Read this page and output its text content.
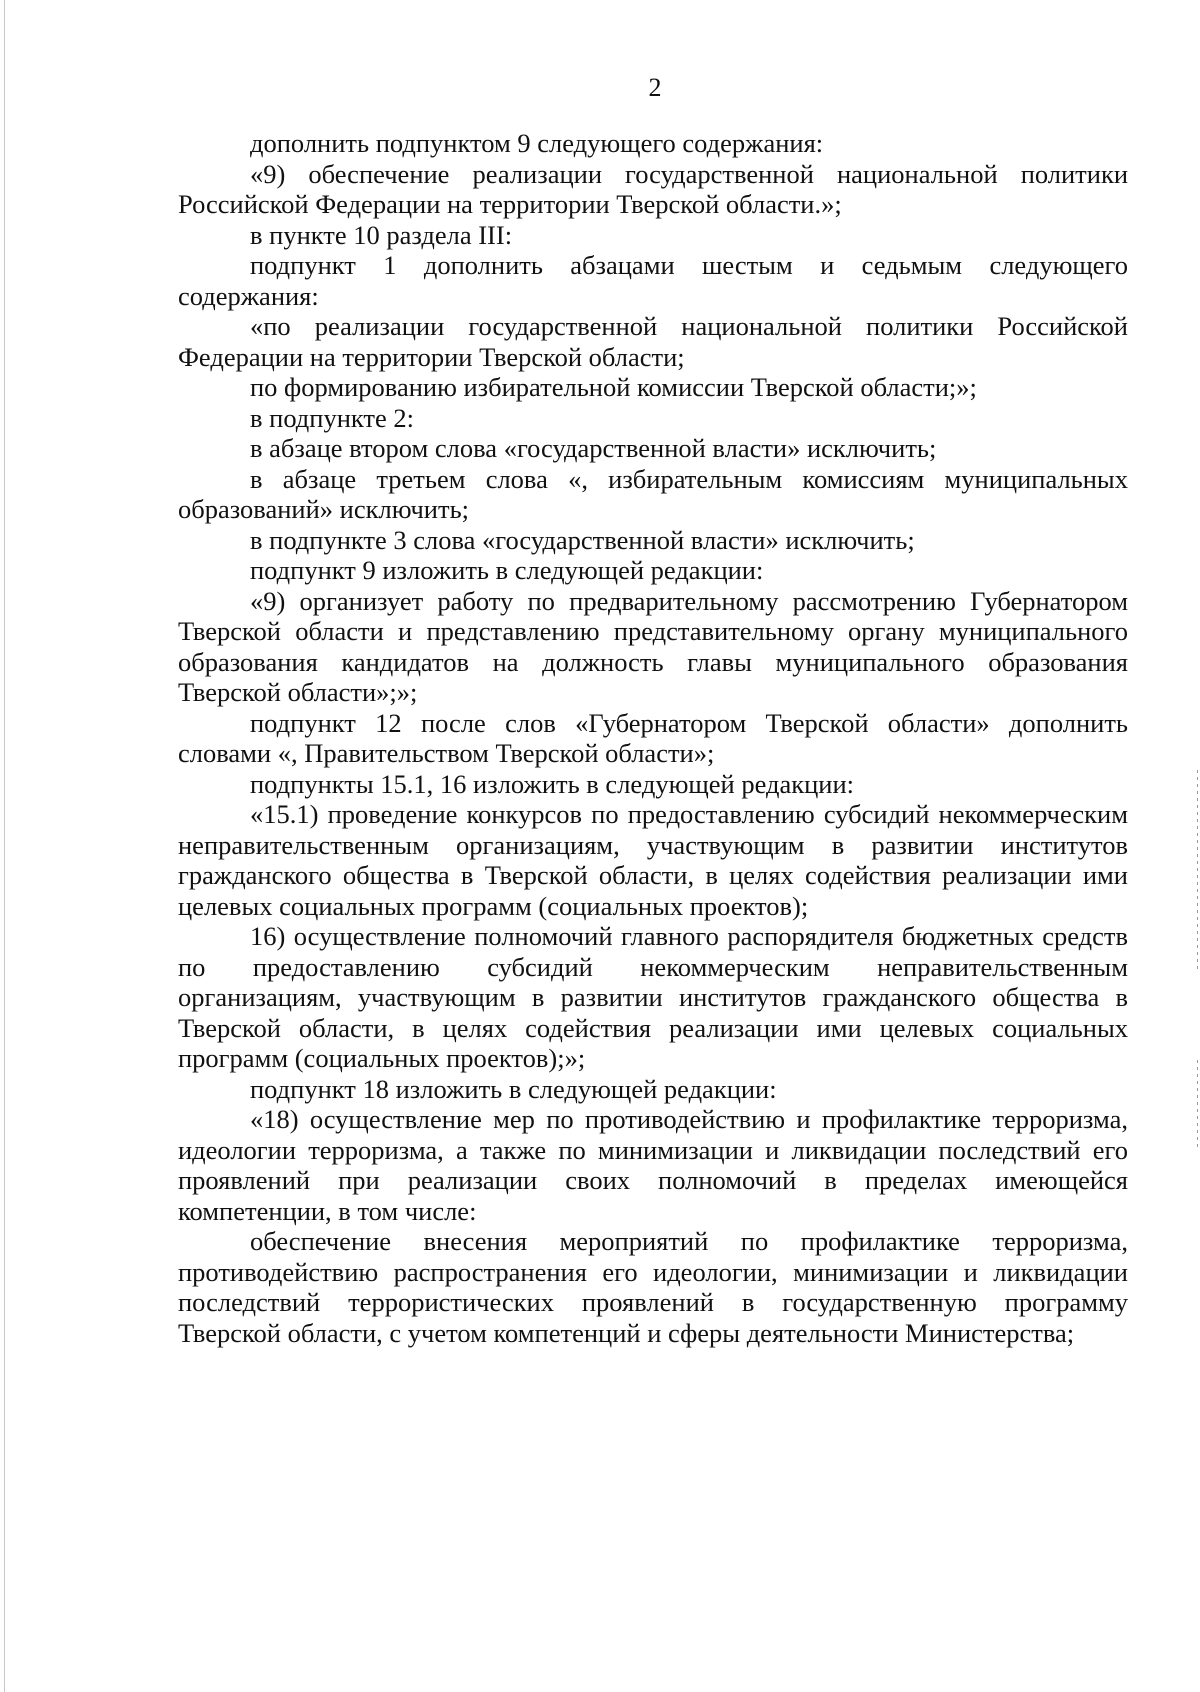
2

дополнить подпунктом 9 следующего содержания:

«9) обеспечение реализации государственной национальной политики Российской Федерации на территории Тверской области.»;

в пункте 10 раздела III:

подпункт 1 дополнить абзацами шестым и седьмым следующего содержания:

«по реализации государственной национальной политики Российской Федерации на территории Тверской области;

по формированию избирательной комиссии Тверской области;»;

в подпункте 2:

в абзаце втором слова «государственной власти» исключить;

в абзаце третьем слова «, избирательным комиссиям муниципальных образований» исключить;

в подпункте 3 слова «государственной власти» исключить;

подпункт 9 изложить в следующей редакции:

«9) организует работу по предварительному рассмотрению Губернатором Тверской области и представлению представительному органу муниципального образования кандидатов на должность главы муниципального образования Тверской области»;»;

подпункт 12 после слов «Губернатором Тверской области» дополнить словами «, Правительством Тверской области»;

подпункты 15.1, 16 изложить в следующей редакции:

«15.1) проведение конкурсов по предоставлению субсидий некоммерческим неправительственным организациям, участвующим в развитии институтов гражданского общества в Тверской области, в целях содействия реализации ими целевых социальных программ (социальных проектов);

16) осуществление полномочий главного распорядителя бюджетных средств по предоставлению субсидий некоммерческим неправительственным организациям, участвующим в развитии институтов гражданского общества в Тверской области, в целях содействия реализации ими целевых социальных программ (социальных проектов);»;

подпункт 18 изложить в следующей редакции:

«18) осуществление мер по противодействию и профилактике терроризма, идеологии терроризма, а также по минимизации и ликвидации последствий его проявлений при реализации своих полномочий в пределах имеющейся компетенции, в том числе:

обеспечение внесения мероприятий по профилактике терроризма, противодействию распространения его идеологии, минимизации и ликвидации последствий террористических проявлений в государственную программу Тверской области, с учетом компетенций и сферы деятельности Министерства;
